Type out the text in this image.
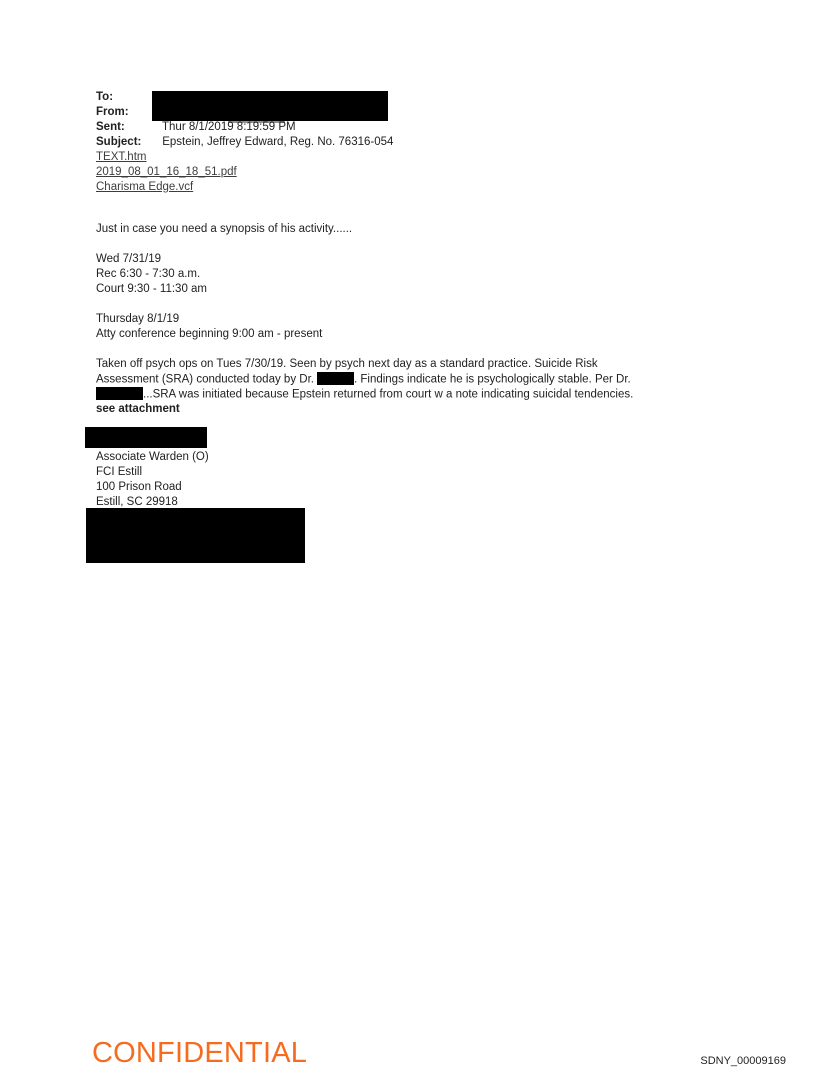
To:
From:
Sent:	Thur 8/1/2019 8:19:59 PM
Subject: Epstein, Jeffrey Edward, Reg. No. 76316-054
TEXT.htm
2019_08_01_16_18_51.pdf
Charisma Edge.vcf
Just in case you need a synopsis of his activity......
Wed 7/31/19
Rec 6:30 - 7:30 a.m.
Court 9:30 - 11:30 am
Thursday 8/1/19
Atty conference beginning 9:00 am - present
Taken off psych ops on Tues 7/30/19. Seen by psych next day as a standard practice. Suicide Risk
Assessment (SRA) conducted today by Dr.	. Findings indicate he is psychologically stable. Per Dr.
...SRA was initiated because Epstein returned from court w a note indicating suicidal tendencies.
see attachment
Associate Warden (O)
FCI Estill
100 Prison Road
Estill, SC 29918
CONFIDENTIAL	SDNY_00009169
